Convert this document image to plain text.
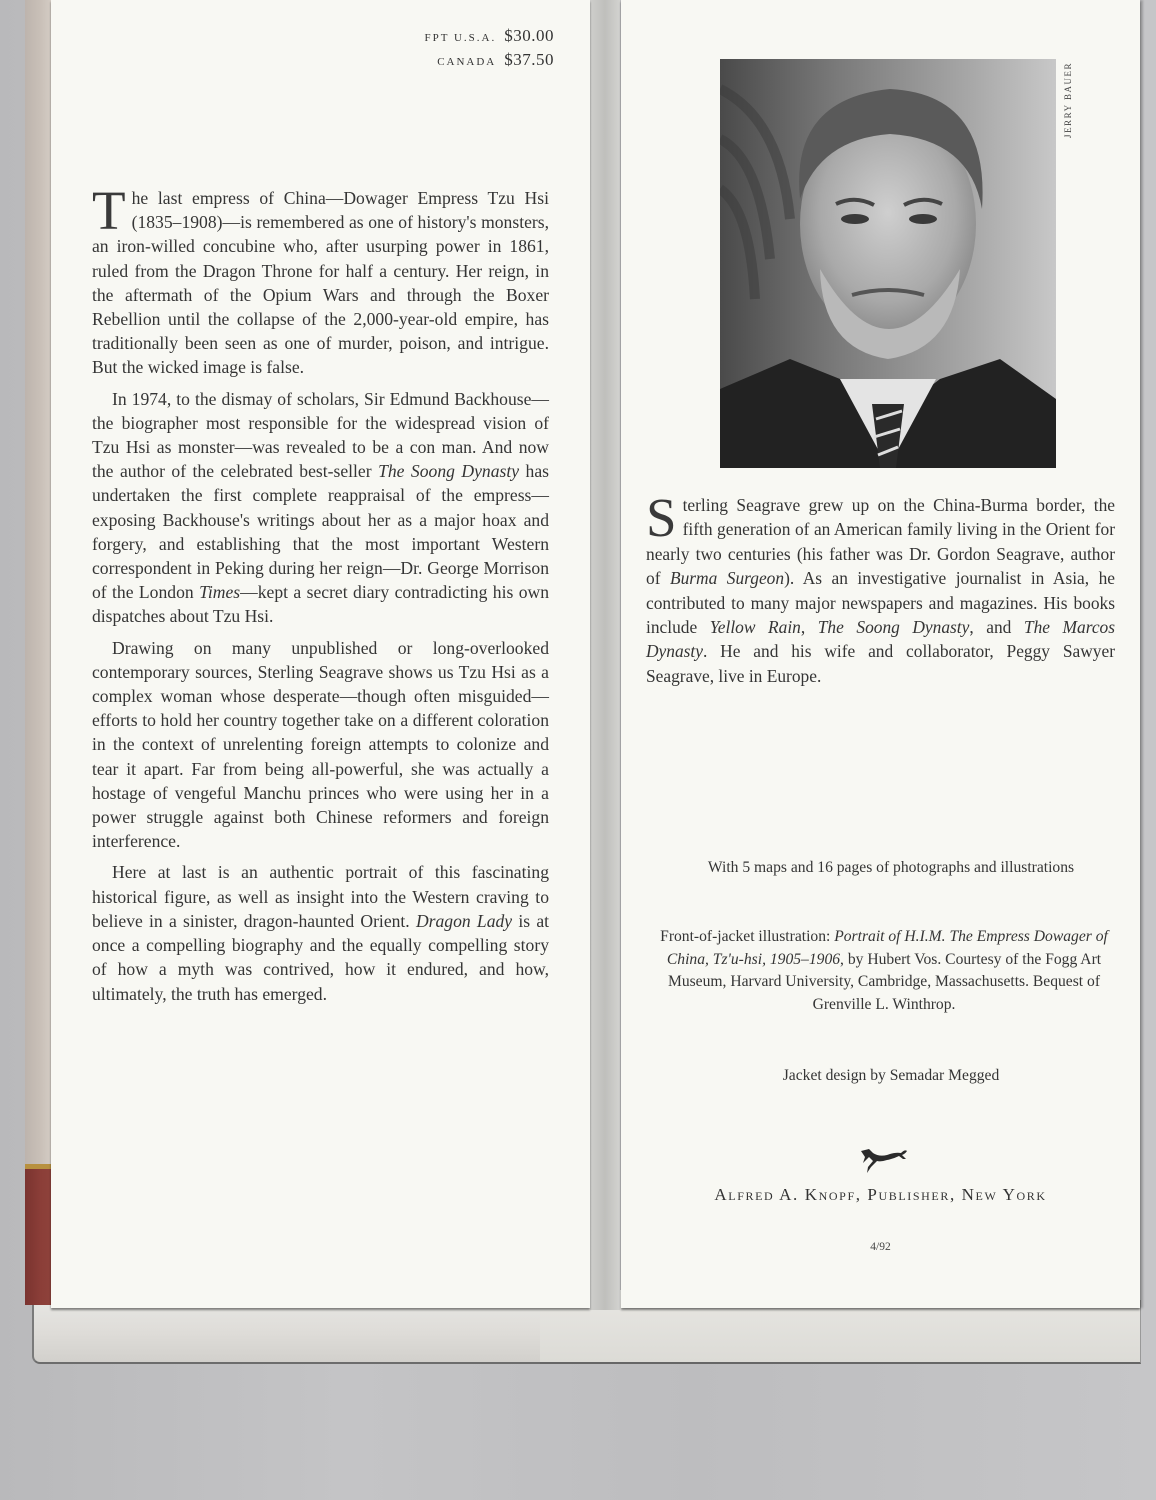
FPT U.S.A. $30.00
CANADA $37.50

The last empress of China—Dowager Empress Tzu Hsi (1835–1908)—is remembered as one of history's monsters, an iron-willed concubine who, after usurping power in 1861, ruled from the Dragon Throne for half a century. Her reign, in the aftermath of the Opium Wars and through the Boxer Rebellion until the collapse of the 2,000-year-old empire, has traditionally been seen as one of murder, poison, and intrigue. But the wicked image is false.

In 1974, to the dismay of scholars, Sir Edmund Backhouse—the biographer most responsible for the widespread vision of Tzu Hsi as monster—was revealed to be a con man. And now the author of the celebrated best-seller The Soong Dynasty has undertaken the first complete reappraisal of the empress—exposing Backhouse's writings about her as a major hoax and forgery, and establishing that the most important Western correspondent in Peking during her reign—Dr. George Morrison of the London Times—kept a secret diary contradicting his own dispatches about Tzu Hsi.

Drawing on many unpublished or long-overlooked contemporary sources, Sterling Seagrave shows us Tzu Hsi as a complex woman whose desperate—though often misguided—efforts to hold her country together take on a different coloration in the context of unrelenting foreign attempts to colonize and tear it apart. Far from being all-powerful, she was actually a hostage of vengeful Manchu princes who were using her in a power struggle against both Chinese reformers and foreign interference.

Here at last is an authentic portrait of this fascinating historical figure, as well as insight into the Western craving to believe in a sinister, dragon-haunted Orient. Dragon Lady is at once a compelling biography and the equally compelling story of how a myth was contrived, how it endured, and how, ultimately, the truth has emerged.

JERRY BAUER

Sterling Seagrave grew up on the China-Burma border, the fifth generation of an American family living in the Orient for nearly two centuries (his father was Dr. Gordon Seagrave, author of Burma Surgeon). As an investigative journalist in Asia, he contributed to many major newspapers and magazines. His books include Yellow Rain, The Soong Dynasty, and The Marcos Dynasty. He and his wife and collaborator, Peggy Sawyer Seagrave, live in Europe.

With 5 maps and 16 pages of photographs and illustrations

Front-of-jacket illustration: Portrait of H.I.M. The Empress Dowager of China, Tz'u-hsi, 1905–1906, by Hubert Vos. Courtesy of the Fogg Art Museum, Harvard University, Cambridge, Massachusetts. Bequest of Grenville L. Winthrop.

Jacket design by Semadar Megged

Alfred A. Knopf, Publisher, New York
4/92
